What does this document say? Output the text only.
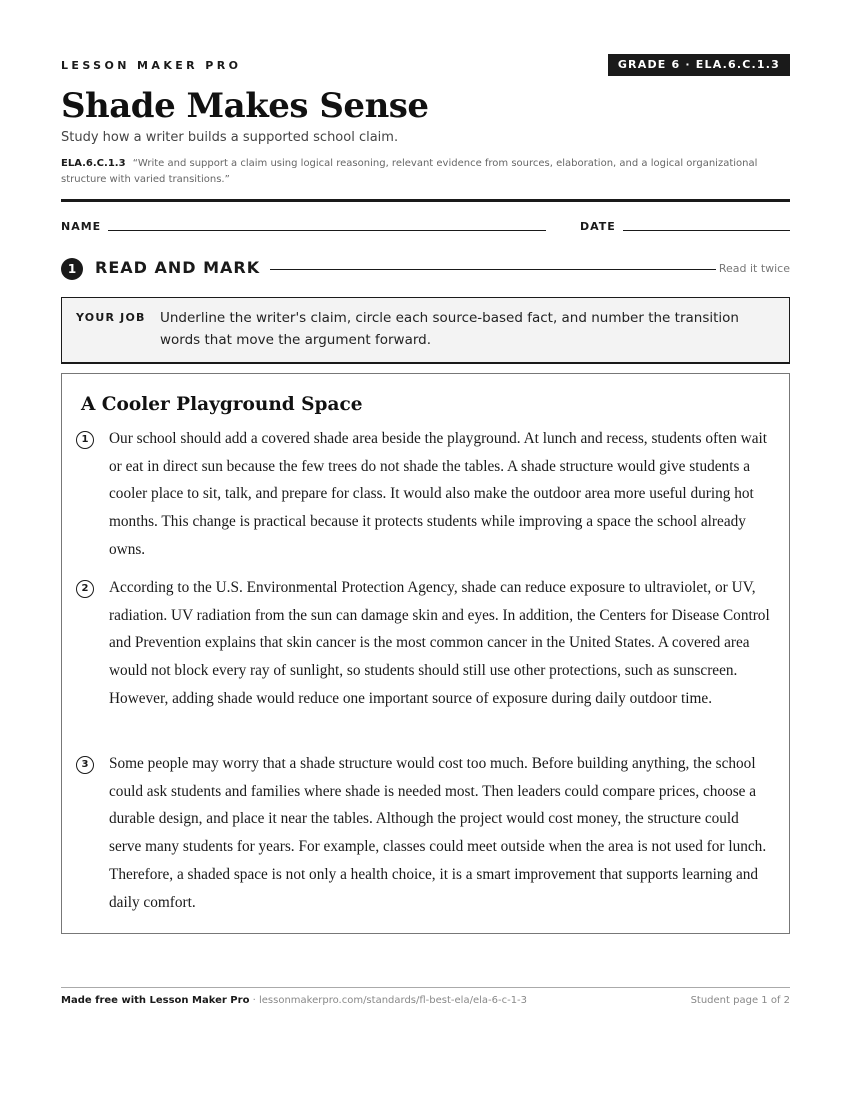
LESSON MAKER PRO	GRADE 6 · ELA.6.C.1.3
Shade Makes Sense
Study how a writer builds a supported school claim.
ELA.6.C.1.3 “Write and support a claim using logical reasoning, relevant evidence from sources, elaboration, and a logical organizational structure with varied transitions.”
NAME	DATE
1	READ AND MARK	Read it twice
YOUR JOB Underline the writer's claim, circle each source-based fact, and number the transition words that move the argument forward.
A Cooler Playground Space
1	Our school should add a covered shade area beside the playground. At lunch and recess, students often wait or eat in direct sun because the few trees do not shade the tables. A shade structure would give students a cooler place to sit, talk, and prepare for class. It would also make the outdoor area more useful during hot months. This change is practical because it protects students while improving a space the school already owns.
2	According to the U.S. Environmental Protection Agency, shade can reduce exposure to ultraviolet, or UV, radiation. UV radiation from the sun can damage skin and eyes. In addition, the Centers for Disease Control and Prevention explains that skin cancer is the most common cancer in the United States. A covered area would not block every ray of sunlight, so students should still use other protections, such as sunscreen. However, adding shade would reduce one important source of exposure during daily outdoor time.
3	Some people may worry that a shade structure would cost too much. Before building anything, the school could ask students and families where shade is needed most. Then leaders could compare prices, choose a durable design, and place it near the tables. Although the project would cost money, the structure could serve many students for years. For example, classes could meet outside when the area is not used for lunch. Therefore, a shaded space is not only a health choice, it is a smart improvement that supports learning and daily comfort.
Made free with Lesson Maker Pro · lessonmakerpro.com/standards/fl-best-ela/ela-6-c-1-3	Student page 1 of 2
